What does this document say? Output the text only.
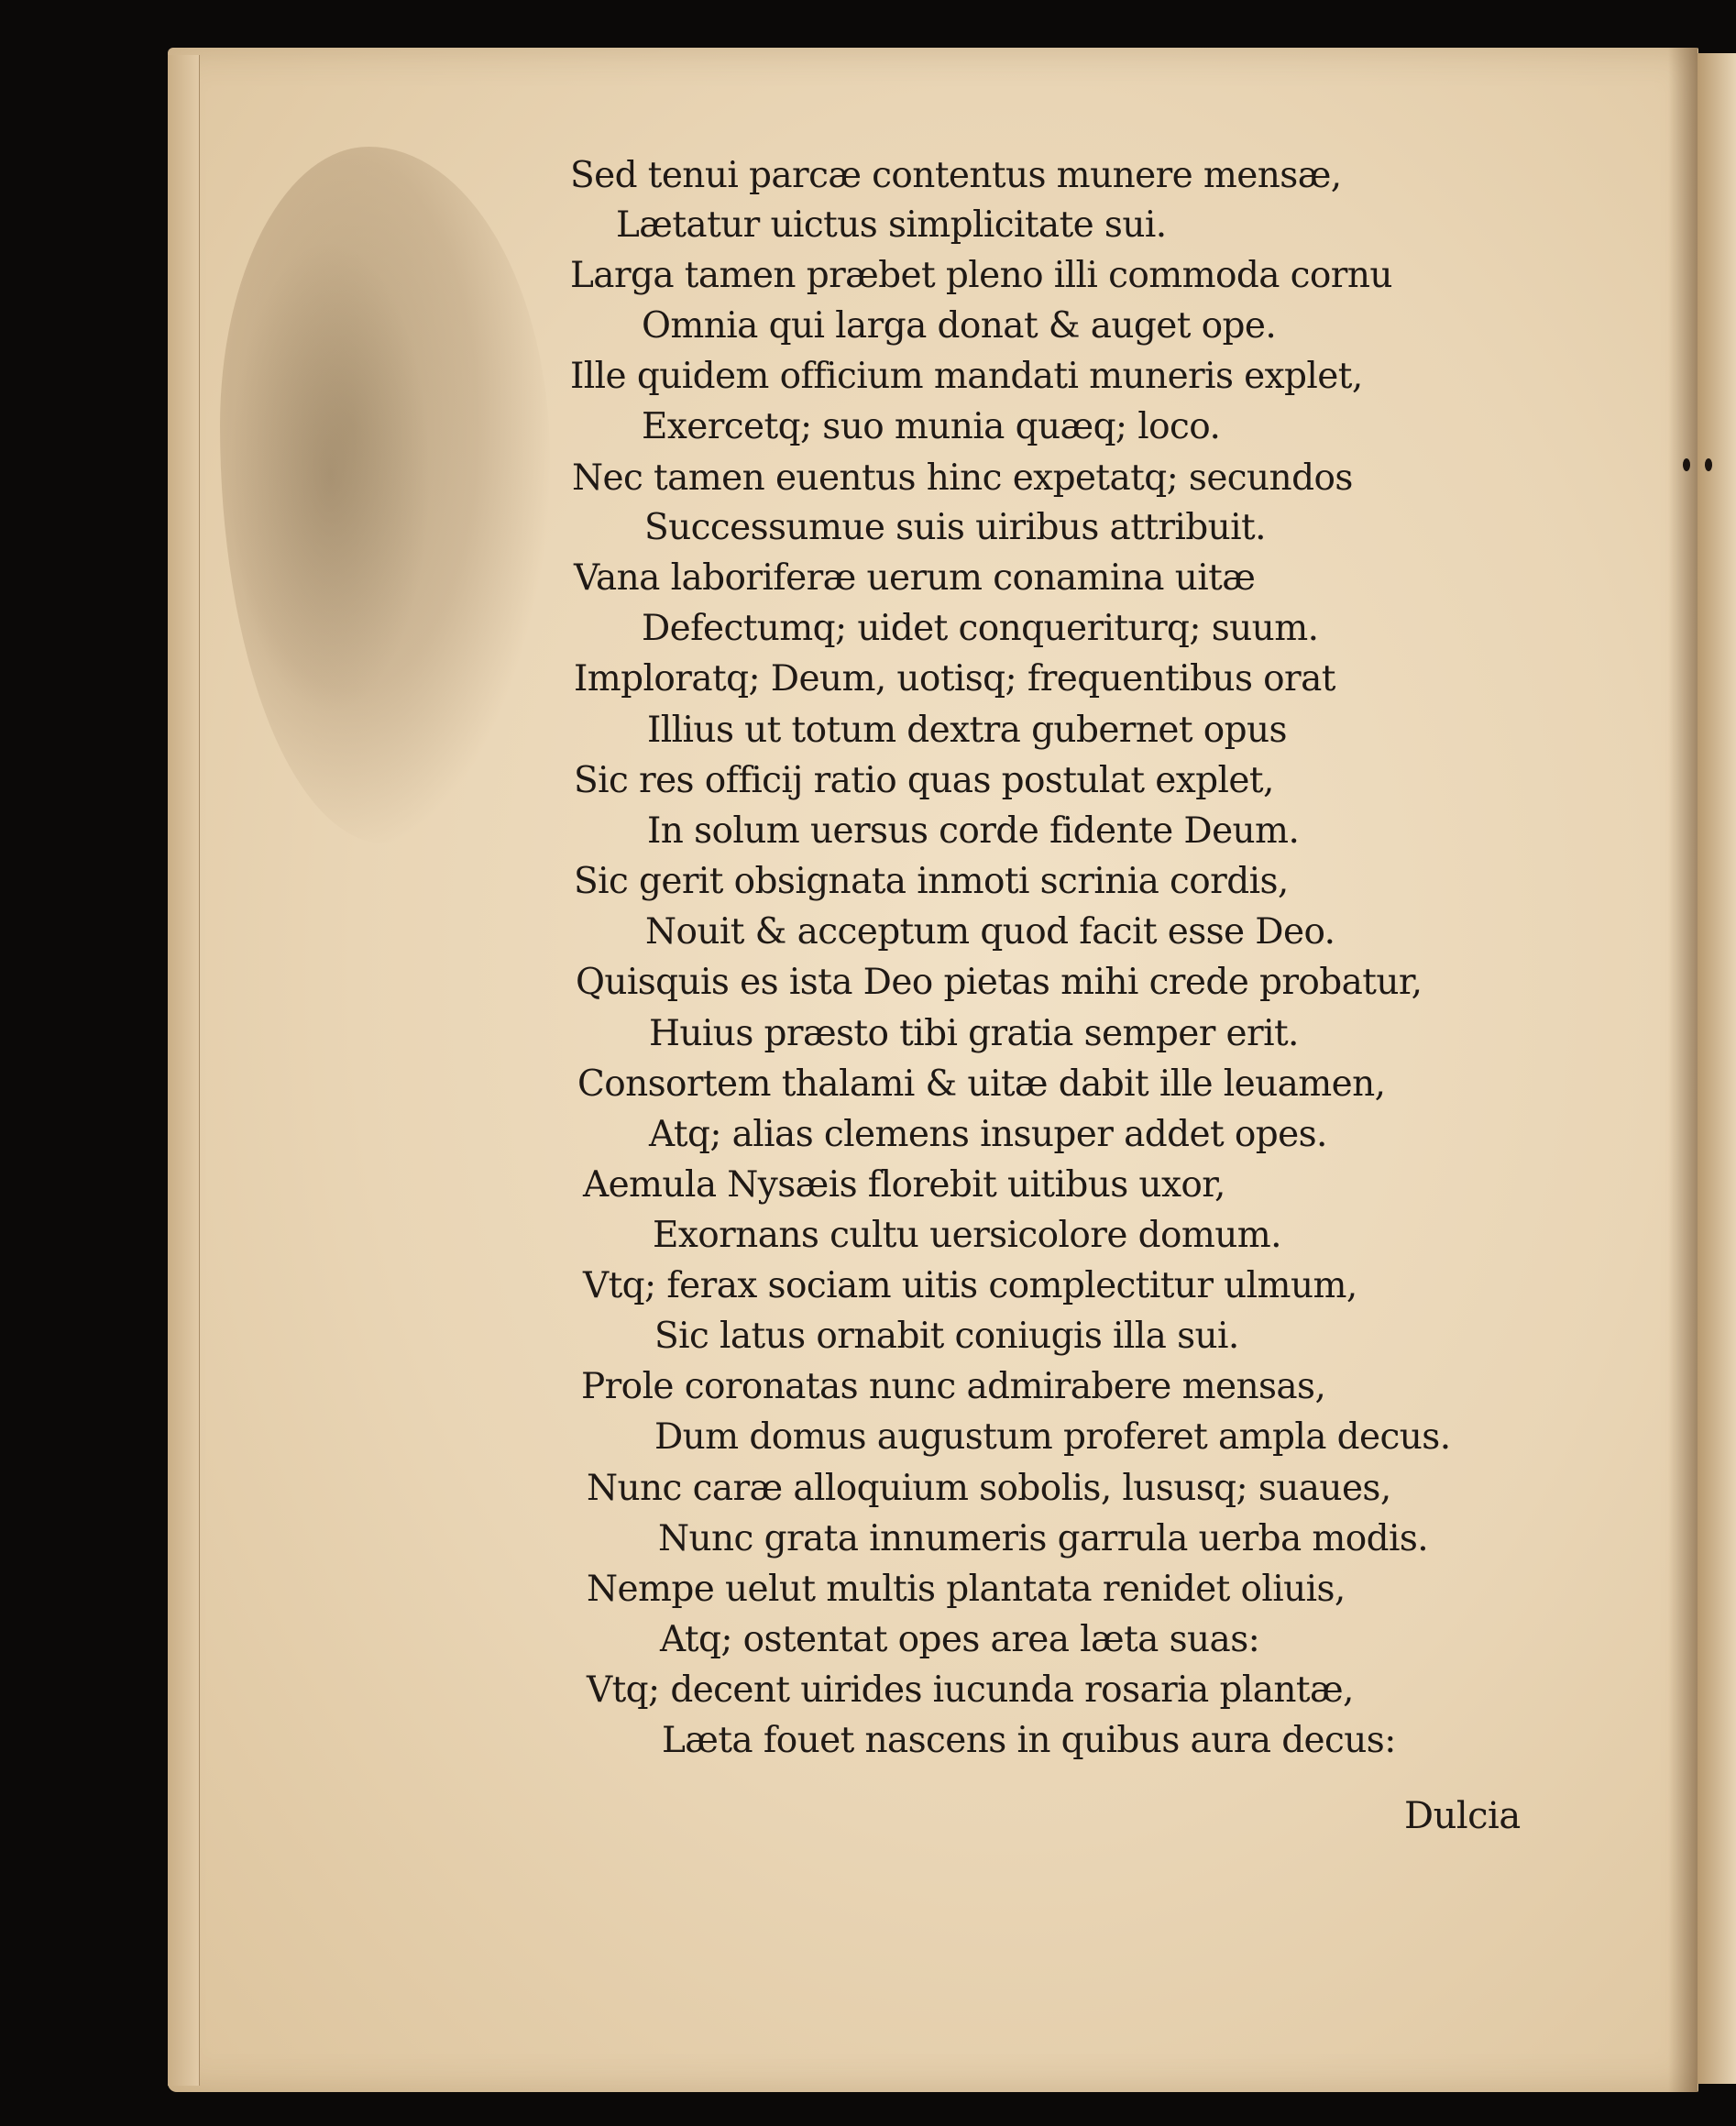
Sed tenui parcæ contentus munere mensæ,
Lætatur uictus simplicitate sui.
Larga tamen præbet pleno illi commoda cornu
Omnia qui larga donat & auget ope.
Ille quidem officium mandati muneris explet,
Exercetq; suo munia quæq; loco.
Nec tamen euentus hinc expetatq; secundos
Successumue suis uiribus attribuit.
Vana laboriferæ uerum conamina uitæ
Defectumq; uidet conqueriturq; suum.
Imploratq; Deum, uotisq; frequentibus orat
Illius ut totum dextra gubernet opus
Sic res officij ratio quas postulat explet,
In solum uersus corde fidente Deum.
Sic gerit obsignata inmoti scrinia cordis,
Nouit & acceptum quod facit esse Deo.
Quisquis es ista Deo pietas mihi crede probatur,
Huius præsto tibi gratia semper erit.
Consortem thalami & uitæ dabit ille leuamen,
Atq; alias clemens insuper addet opes.
Aemula Nysæis florebit uitibus uxor,
Exornans cultu uersicolore domum.
Vtq; ferax sociam uitis complectitur ulmum,
Sic latus ornabit coniugis illa sui.
Prole coronatas nunc admirabere mensas,
Dum domus augustum proferet ampla decus.
Nunc caræ alloquium sobolis, lususq; suaues,
Nunc grata innumeris garrula uerba modis.
Nempe uelut multis plantata renidet oliuis,
Atq; ostentat opes area læta suas:
Vtq; decent uirides iucunda rosaria plantæ,
Læta fouet nascens in quibus aura decus:
Dulcia
